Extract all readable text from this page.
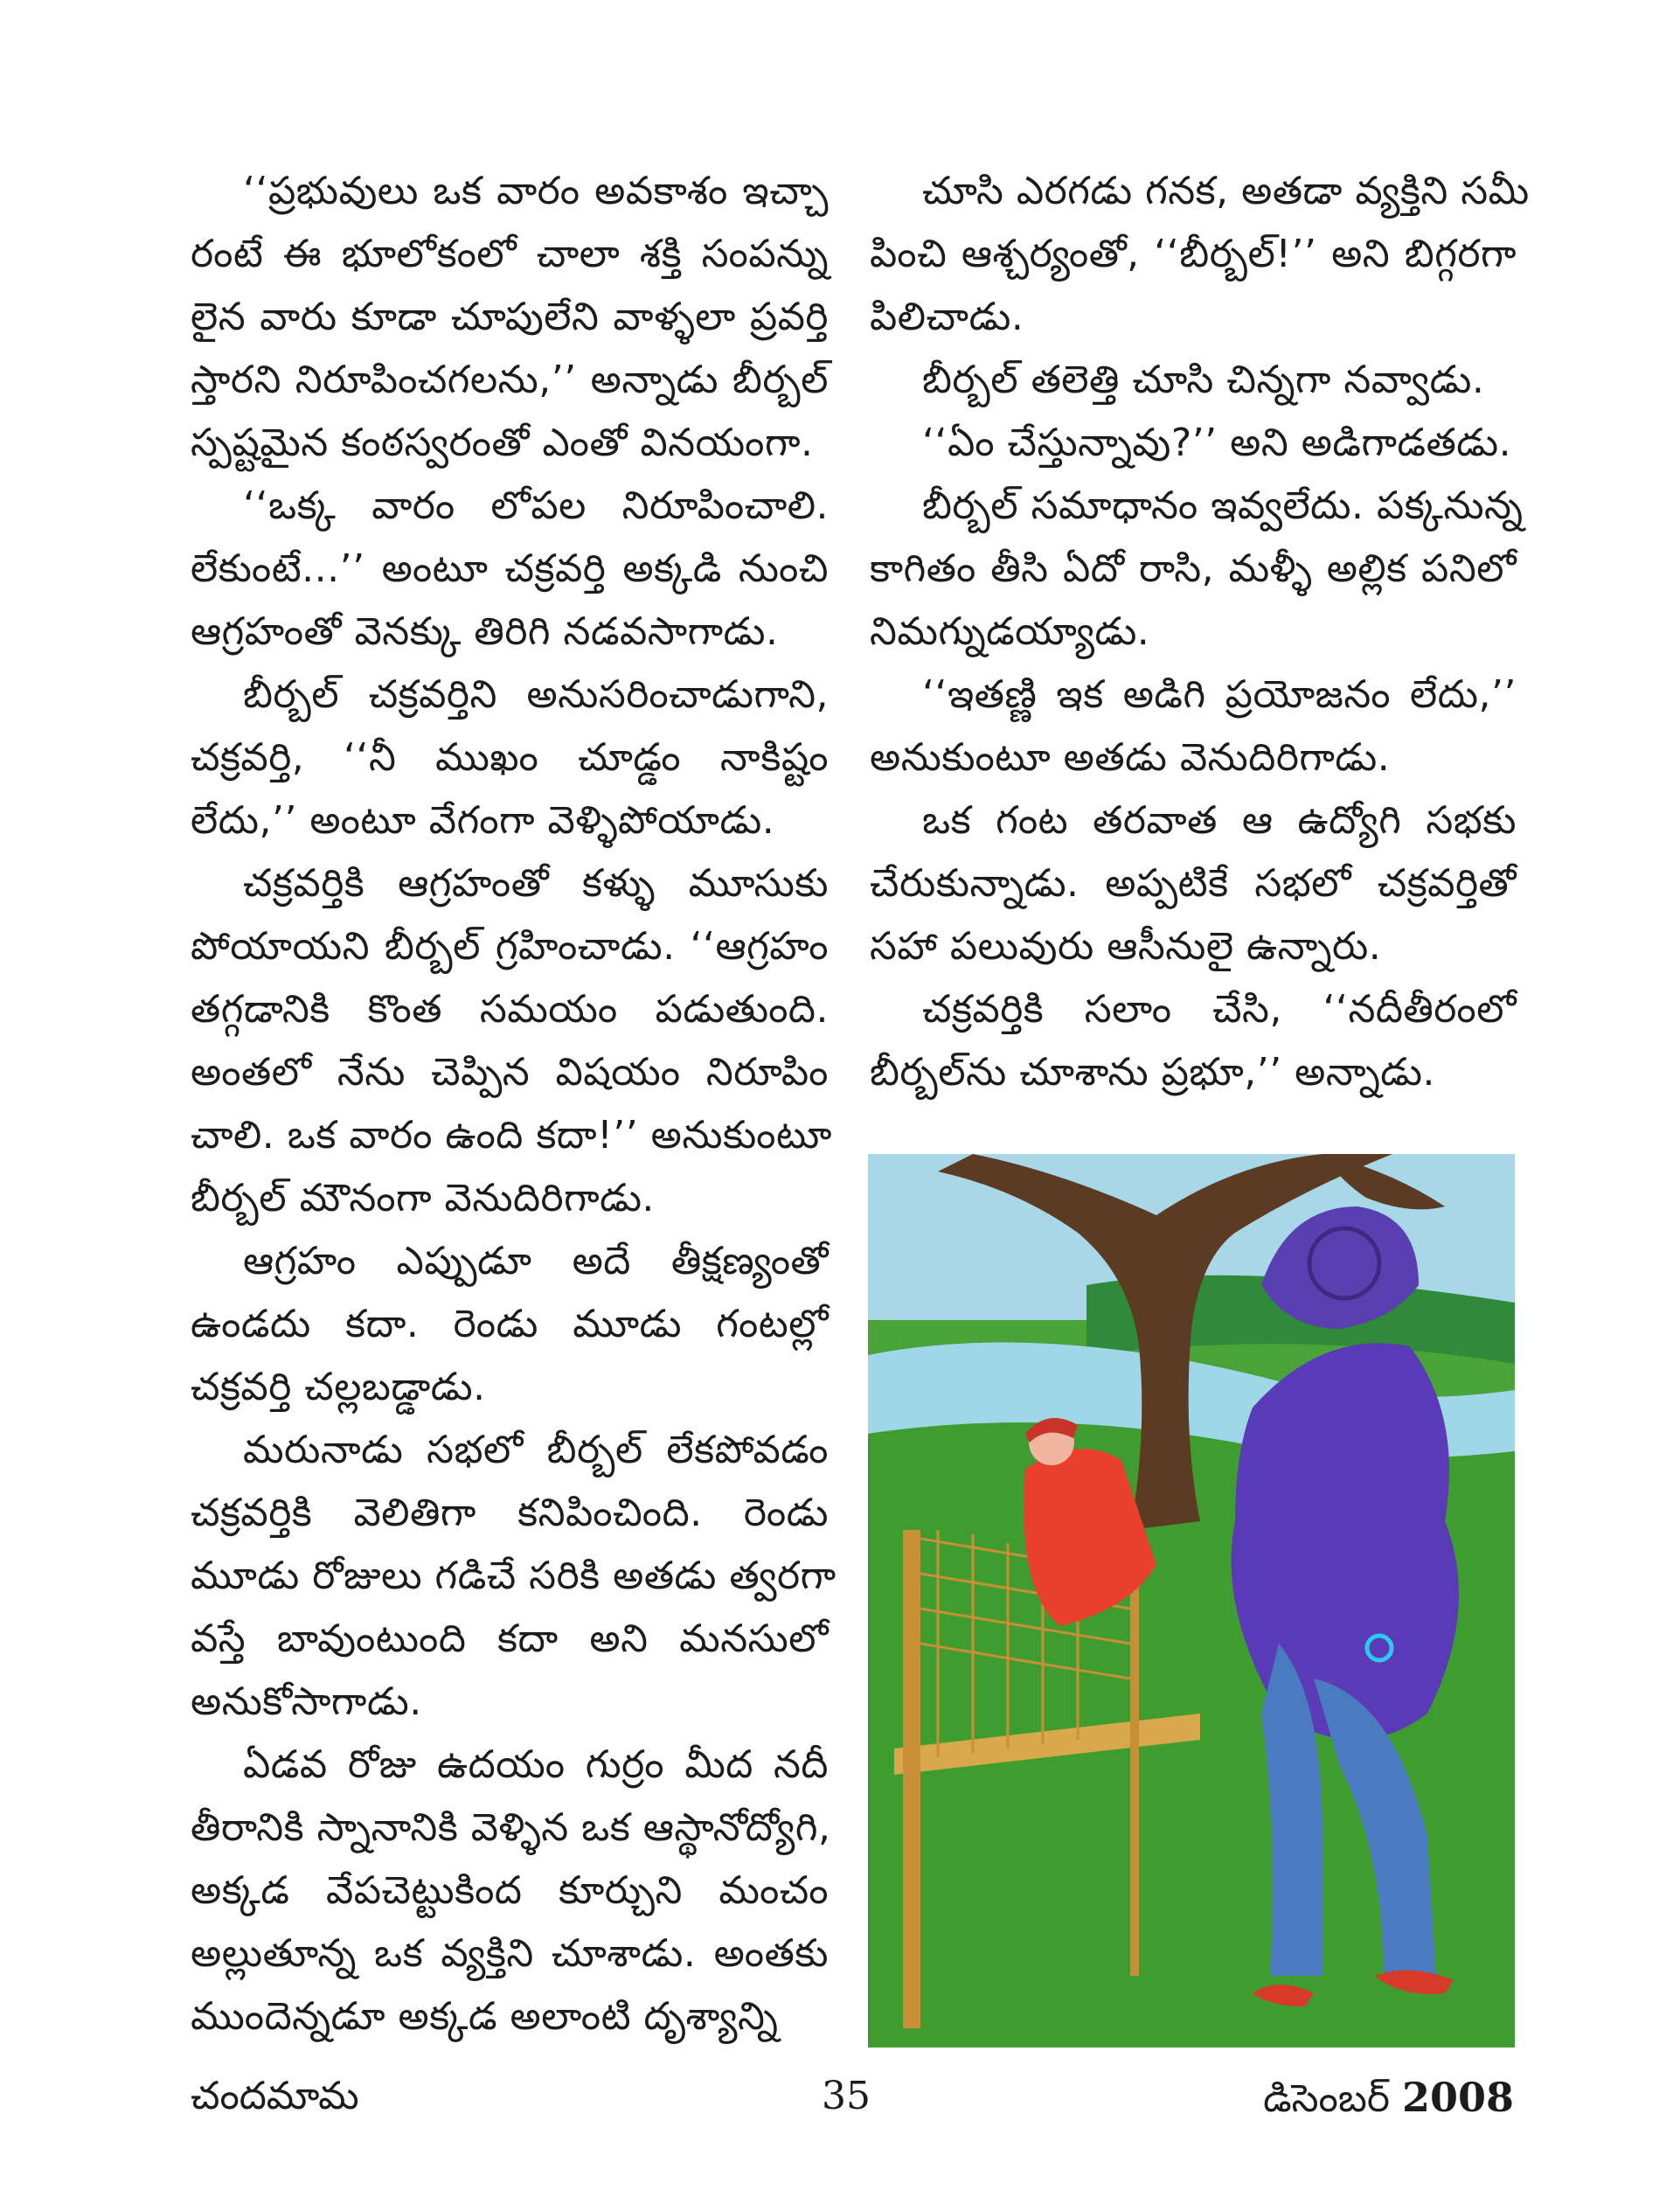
‘‘ప్రభువులు ఒక వారం అవకాశం ఇచ్చా
రంటే ఈ భూలోకంలో చాలా శక్తి సంపన్ను
లైన వారు కూడా చూపులేని వాళ్ళలా ప్రవర్తి
స్తారని నిరూపించగలను,’’ అన్నాడు బీర్బల్
స్పష్టమైన కంఠస్వరంతో ఎంతో వినయంగా.

‘‘ఒక్క వారం లోపల నిరూపించాలి.
లేకుంటే...’’ అంటూ చక్రవర్తి అక్కడి నుంచి
ఆగ్రహంతో వెనక్కు తిరిగి నడవసాగాడు.

బీర్బల్ చక్రవర్తిని అనుసరించాడుగాని,
చక్రవర్తి, ‘‘నీ ముఖం చూడ్డం నాకిష్టం
లేదు,’’ అంటూ వేగంగా వెళ్ళిపోయాడు.

చక్రవర్తికి ఆగ్రహంతో కళ్ళు మూసుకు
పోయాయని బీర్బల్ గ్రహించాడు. ‘‘ఆగ్రహం
తగ్గడానికి కొంత సమయం పడుతుంది.
అంతలో నేను చెప్పిన విషయం నిరూపిం
చాలి. ఒక వారం ఉంది కదా!’’ అనుకుంటూ
బీర్బల్ మౌనంగా వెనుదిరిగాడు.

ఆగ్రహం ఎప్పుడూ అదే తీక్షణ్యంతో
ఉండదు కదా. రెండు మూడు గంటల్లో
చక్రవర్తి చల్లబడ్డాడు.

మరునాడు సభలో బీర్బల్ లేకపోవడం
చక్రవర్తికి వెలితిగా కనిపించింది. రెండు
మూడు రోజులు గడిచే సరికి అతడు త్వరగా
వస్తే బావుంటుంది కదా అని మనసులో
అనుకోసాగాడు.

ఏడవ రోజు ఉదయం గుర్రం మీద నదీ
తీరానికి స్నానానికి వెళ్ళిన ఒక ఆస్థానోద్యోగి,
అక్కడ వేపచెట్టుకింద కూర్చుని మంచం
అల్లుతూన్న ఒక వ్యక్తిని చూశాడు. అంతకు
ముందెన్నడూ అక్కడ అలాంటి దృశ్యాన్ని

చూసి ఎరగడు గనక, అతడా వ్యక్తిని సమీ
పించి ఆశ్చర్యంతో, ‘‘బీర్బల్!’’ అని బిగ్గరగా
పిలిచాడు.

బీర్బల్ తలెత్తి చూసి చిన్నగా నవ్వాడు.

‘‘ఏం చేస్తున్నావు?’’ అని అడిగాడతడు.

బీర్బల్ సమాధానం ఇవ్వలేదు. పక్కనున్న
కాగితం తీసి ఏదో రాసి, మళ్ళీ అల్లిక పనిలో
నిమగ్నుడయ్యాడు.

‘‘ఇతణ్ణి ఇక అడిగి ప్రయోజనం లేదు,’’
అనుకుంటూ అతడు వెనుదిరిగాడు.

ఒక గంట తరవాత ఆ ఉద్యోగి సభకు
చేరుకున్నాడు. అప్పటికే సభలో చక్రవర్తితో
సహా పలువురు ఆసీనులై ఉన్నారు.

చక్రవర్తికి సలాం చేసి, ‘‘నదీతీరంలో
బీర్బల్‌ను చూశాను ప్రభూ,’’ అన్నాడు.

చందమామ	35	డిసెంబర్ 2008
